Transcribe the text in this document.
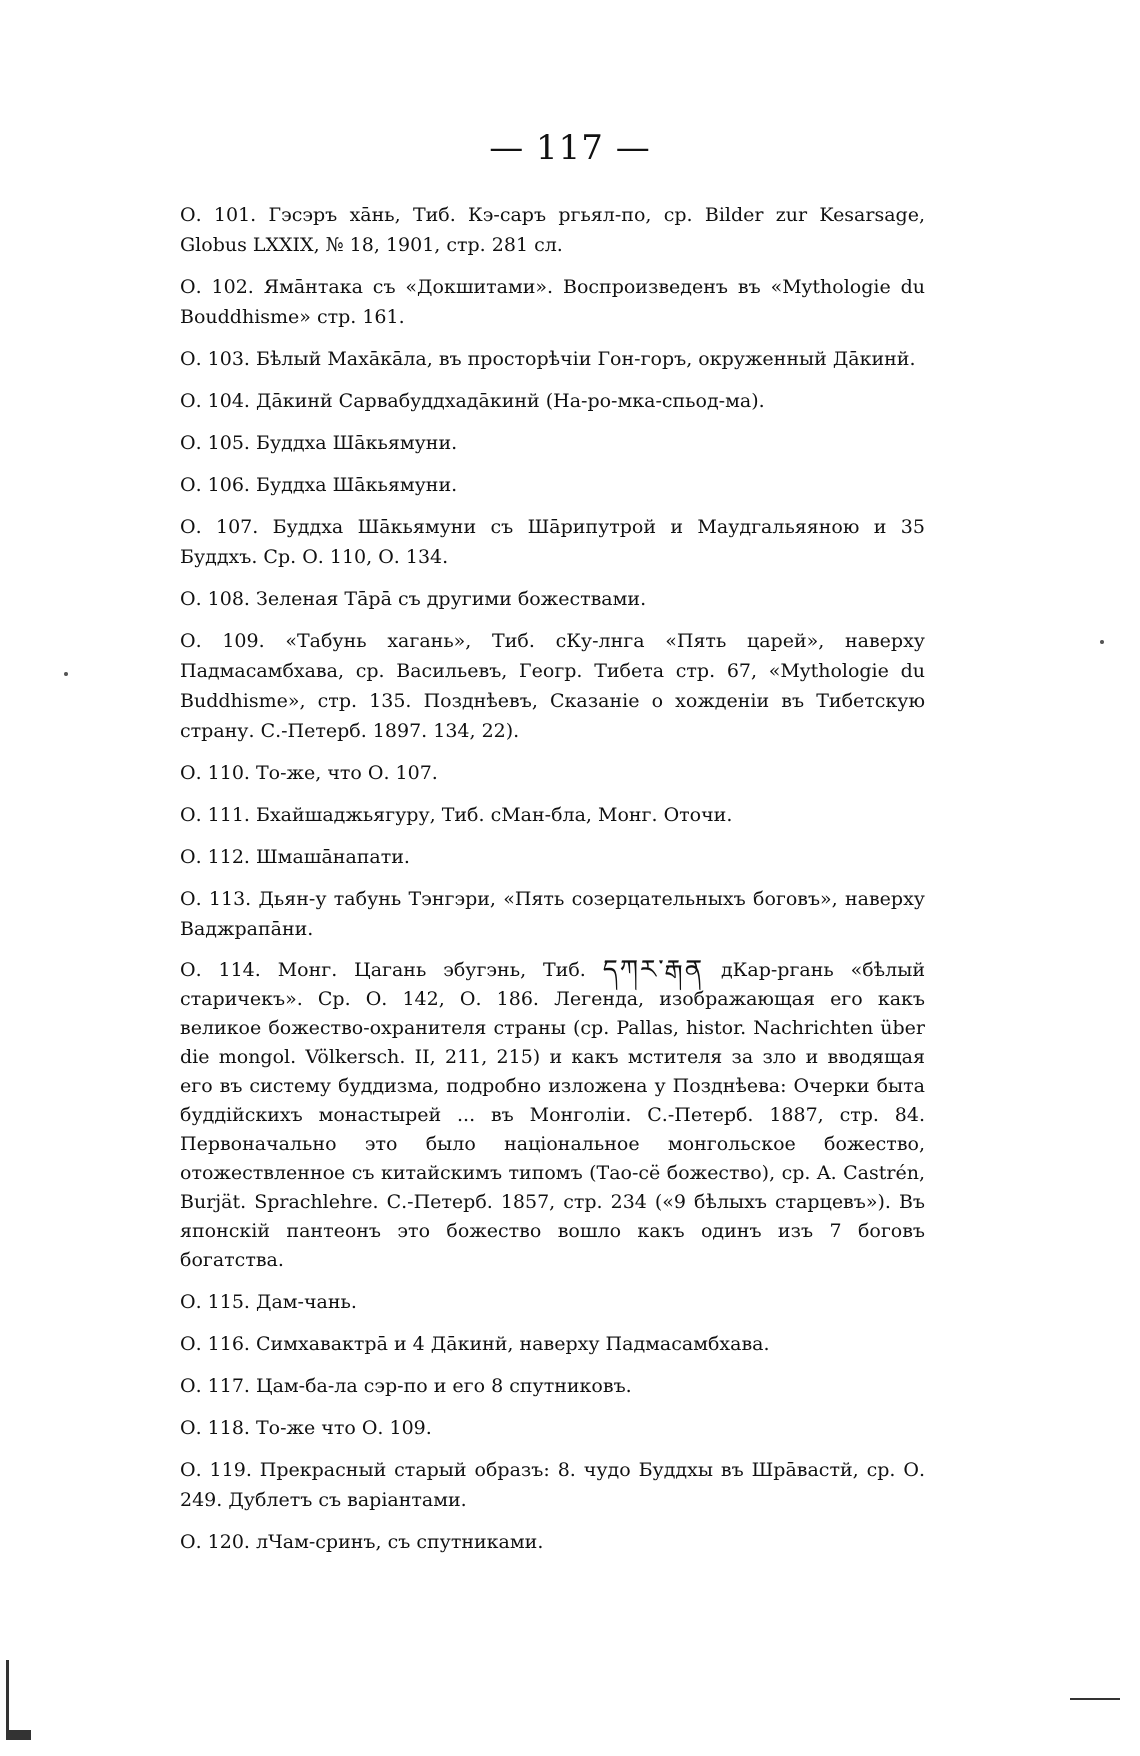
— 117 —

О. 101. Гэсэръ хāнь, Тиб. Кэ-саръ ргьял-по, ср. Bilder zur Kesarsage, Globus LXXIX, № 18, 1901, стр. 281 сл.

О. 102. Ямāнтака съ «Докшитами». Воспроизведенъ въ «Mythologie du Bouddhisme» стр. 161.

О. 103. Бѣлый Махāкāла, въ просторѣчіи Гон-горъ, окруженный Дāкинй.

О. 104. Дāкинй Сарвабуддхадāкинй (На-ро-мка-спьод-ма).

О. 105. Буддха Шāкьямуни.

О. 106. Буддха Шāкьямуни.

О. 107. Буддха Шāкьямуни съ Шāрипутрой и Маудгальяяною и 35 Буддхъ. Ср. О. 110, О. 134.

О. 108. Зеленая Тāрā съ другими божествами.

О. 109. «Табунь хагань», Тиб. сКу-лнга «Пять царей», наверху Падмасамбхава, ср. Васильевъ, Геогр. Тибета стр. 67, «Mythologie du Buddhisme», стр. 135. Позднѣевъ, Сказаніе о хожденіи въ Тибетскую страну. С.-Петерб. 1897. 134, 22).

О. 110. То-же, что О. 107.

О. 111. Бхайшаджьягуру, Тиб. сМан-бла, Монг. Оточи.

О. 112. Шмашāнапати.

О. 113. Дьян-у табунь Тэнгэри, «Пять созерцательныхъ боговъ», наверху Ваджрапāни.

О. 114. Монг. Цагань эбугэнь, Тиб. དཀར་རྒན дКар-ргань «бѣлый старичекъ». Ср. О. 142, О. 186. Легенда, изображающая его какъ великое божество-охранителя страны (ср. Pallas, histor. Nachrichten über die mongol. Völkersch. II, 211, 215) и какъ мстителя за зло и вводящая его въ систему буддизма, подробно изложена у Позднѣева: Очерки быта буддійскихъ монастырей ... въ Монголіи. С.-Петерб. 1887, стр. 84. Первоначально это было національное монгольское божество, отожествленное съ китайскимъ типомъ (Тао-сё божество), ср. A. Castrén, Burjät. Sprachlehre. С.-Петерб. 1857, стр. 234 («9 бѣлыхъ старцевъ»). Въ японскій пантеонъ это божество вошло какъ одинъ изъ 7 боговъ богатства.

О. 115. Дам-чань.

О. 116. Симхавактрā и 4 Дāкинй, наверху Падмасамбхава.

О. 117. Цам-ба-ла сэр-по и его 8 спутниковъ.

О. 118. То-же что О. 109.

О. 119. Прекрасный старый образъ: 8. чудо Буддхы въ Шрāвастй, ср. О. 249. Дублетъ съ варіантами.

О. 120. лЧам-сринъ, съ спутниками.
